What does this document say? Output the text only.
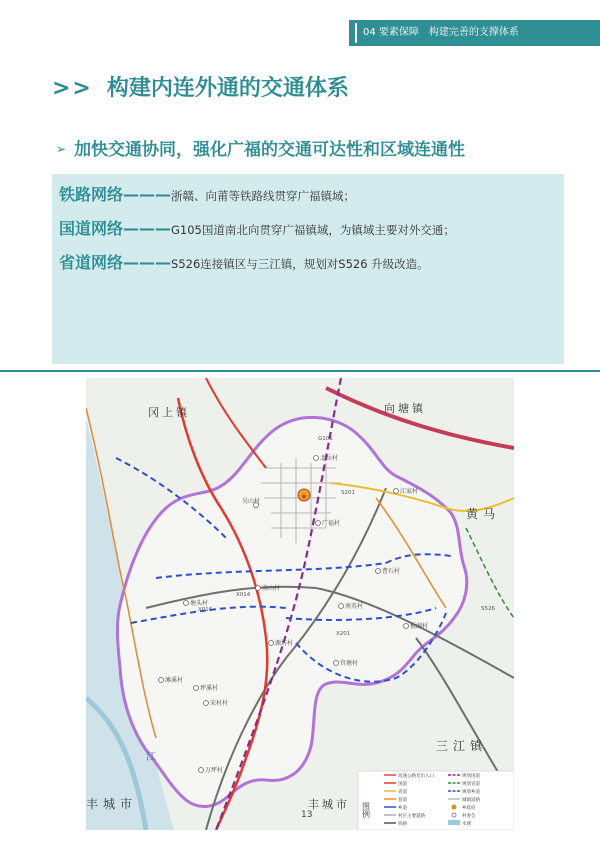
04 要素保障　构建完善的支撑体系
>> 构建内连外通的交通体系
➢ 加快交通协同，强化广福的交通可达性和区域连通性
铁路网络 ——— 浙赣、向莆等铁路线贯穿广福镇域；
国道网络 ——— G105国道南北向贯穿广福镇域，为镇域主要对外交通；
省道网络 ——— S526连接镇区与三江镇，规划对S526 升级改造。
★
北岳村
江家村
吴山村
广福村
曹石村
南山村
南英村
板湖村
塘头村
源坊村
官塘村
滩溪村
宋村村
坪溪村
万坪村
G105
S201
X014
X016	S526
X201
冈上镇	向塘镇
黄马
三江镇
丰城市	丰城市
江
图例
高速公路及出入口	规划国道
国道	规划省道
省道	规划乡道
县道	城镇道路
乡道	乡政府
村庄主要道路	村委会
铁路	水域
13
